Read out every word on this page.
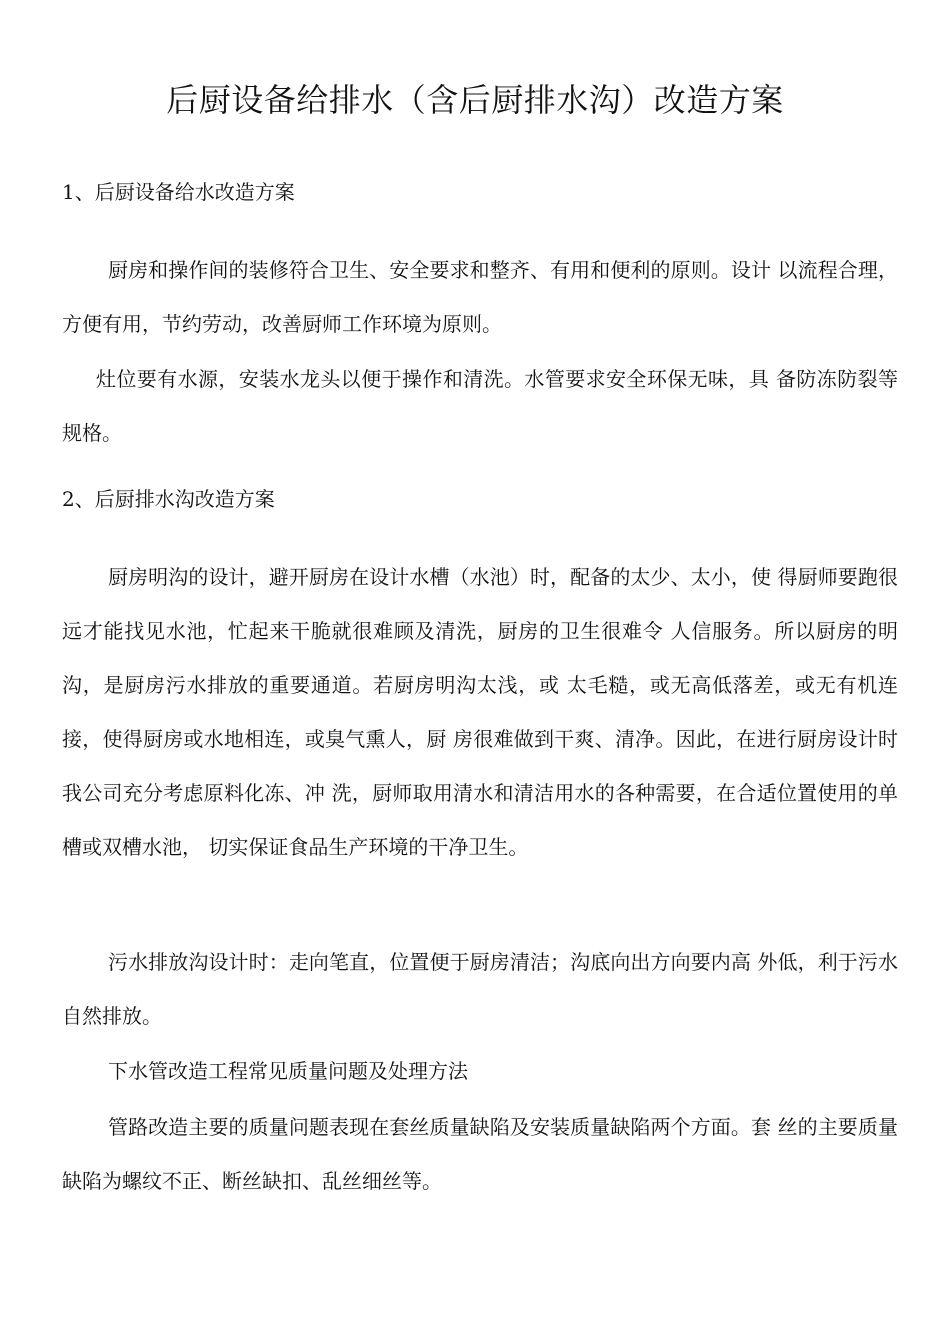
后厨设备给排水（含后厨排水沟）改造方案
1、后厨设备给水改造方案

厨房和操作间的装修符合卫生、安全要求和整齐、有用和便利的原则。设计 以流程合理，方便有用，节约劳动，改善厨师工作环境为原则。

灶位要有水源，安装水龙头以便于操作和清洗。水管要求安全环保无味，具 备防冻防裂等规格。

2、后厨排水沟改造方案

厨房明沟的设计，避开厨房在设计水槽（水池）时，配备的太少、太小，使 得厨师要跑很远才能找见水池，忙起来干脆就很难顾及清洗，厨房的卫生很难令 人信服务。所以厨房的明沟，是厨房污水排放的重要通道。若厨房明沟太浅，或 太毛糙，或无高低落差，或无有机连接，使得厨房或水地相连，或臭气熏人，厨 房很难做到干爽、清净。因此，在进行厨房设计时我公司充分考虑原料化冻、冲 洗，厨师取用清水和清洁用水的各种需要，在合适位置使用的单槽或双槽水池， 切实保证食品生产环境的干净卫生。

污水排放沟设计时：走向笔直，位置便于厨房清洁；沟底向出方向要内高 外低，利于污水自然排放。

下水管改造工程常见质量问题及处理方法

管路改造主要的质量问题表现在套丝质量缺陷及安装质量缺陷两个方面。套 丝的主要质量缺陷为螺纹不正、断丝缺扣、乱丝细丝等。
